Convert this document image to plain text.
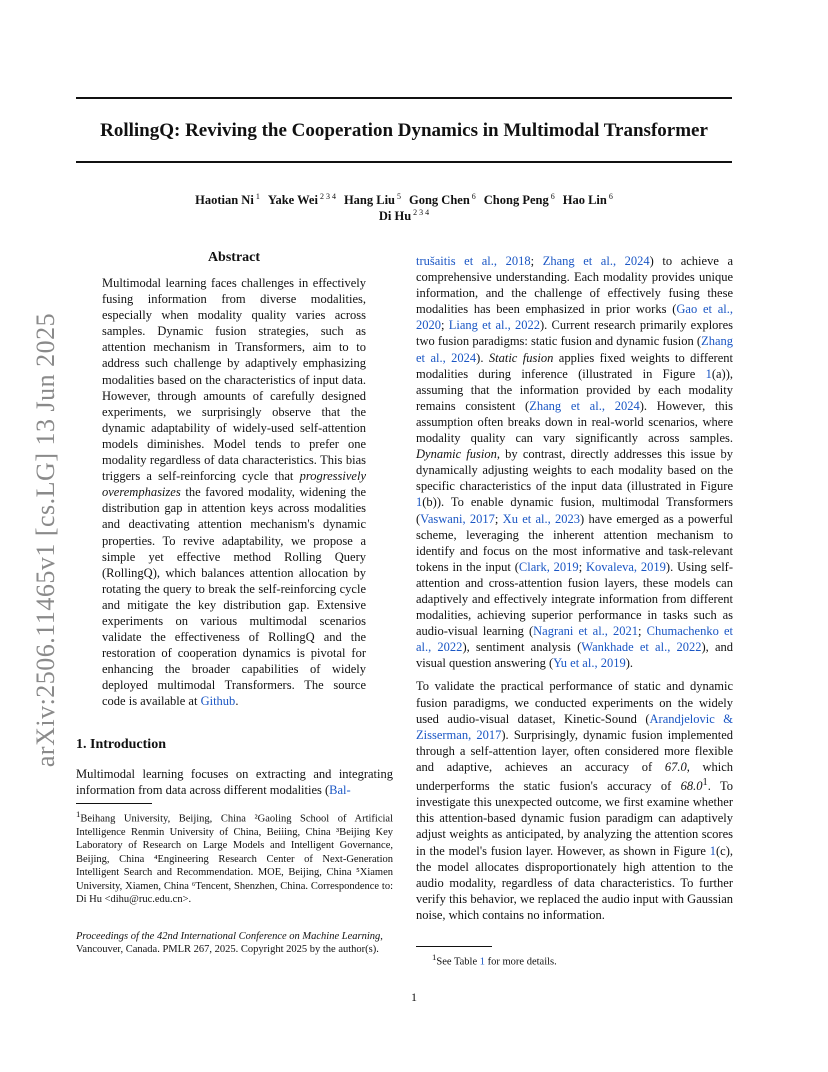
arXiv:2506.11465v1 [cs.LG] 13 Jun 2025
RollingQ: Reviving the Cooperation Dynamics in Multimodal Transformer
Haotian Ni $^1$ Yake Wei $^{2 3 4}$ Hang Liu $^5$ Gong Chen $^6$ Chong Peng $^6$ Hao Lin $^6$
Di Hu $^{2 3 4}$
Abstract

Multimodal learning faces challenges in effectively fusing information from diverse modalities, especially when modality quality varies across samples. Dynamic fusion strategies, such as attention mechanism in Transformers, aim to to address such challenge by adaptively emphasizing modalities based on the characteristics of input data. However, through amounts of carefully designed experiments, we surprisingly observe that the dynamic adaptability of widely-used self-attention models diminishes. Model tends to prefer one modality regardless of data characteristics. This bias triggers a self-reinforcing cycle that progressively overemphasizes the favored modality, widening the distribution gap in attention keys across modalities and deactivating attention mechanism's dynamic properties. To revive adaptability, we propose a simple yet effective method Rolling Query (RollingQ), which balances attention allocation by rotating the query to break the self-reinforcing cycle and mitigate the key distribution gap. Extensive experiments on various multimodal scenarios validate the effectiveness of RollingQ and the restoration of cooperation dynamics is pivotal for enhancing the broader capabilities of widely deployed multimodal Transformers. The source code is available at Github.

1. Introduction

Multimodal learning focuses on extracting and integrating information from data across different modalities (Bal-

$^1$Beihang University, Beijing, China ²Gaoling School of Artificial Intelligence Renmin University of China, Beiiing, China ³Beijing Key Laboratory of Research on Large Models and Intelligent Governance, Beijing, China ⁴Engineering Research Center of Next-Generation Intelligent Search and Recommendation. MOE, Beijing, China ⁵Xiamen University, Xiamen, China ⁶Tencent, Shenzhen, China. Correspondence to: Di Hu <dihu@ruc.edu.cn>.

Proceedings of the 42nd International Conference on Machine Learning, Vancouver, Canada. PMLR 267, 2025. Copyright 2025 by the author(s).

trušaitis et al., 2018; Zhang et al., 2024) to achieve a comprehensive understanding. Each modality provides unique information, and the challenge of effectively fusing these modalities has been emphasized in prior works (Gao et al., 2020; Liang et al., 2022). Current research primarily explores two fusion paradigms: static fusion and dynamic fusion (Zhang et al., 2024). Static fusion applies fixed weights to different modalities during inference (illustrated in Figure 1(a)), assuming that the information provided by each modality remains consistent (Zhang et al., 2024). However, this assumption often breaks down in real-world scenarios, where modality quality can vary significantly across samples. Dynamic fusion, by contrast, directly addresses this issue by dynamically adjusting weights to each modality based on the specific characteristics of the input data (illustrated in Figure 1(b)). To enable dynamic fusion, multimodal Transformers (Vaswani, 2017; Xu et al., 2023) have emerged as a powerful scheme, leveraging the inherent attention mechanism to identify and focus on the most informative and task-relevant tokens in the input (Clark, 2019; Kovaleva, 2019). Using self-attention and cross-attention fusion layers, these models can adaptively and effectively integrate information from different modalities, achieving superior performance in tasks such as audio-visual learning (Nagrani et al., 2021; Chumachenko et al., 2022), sentiment analysis (Wankhade et al., 2022), and visual question answering (Yu et al., 2019).

To validate the practical performance of static and dynamic fusion paradigms, we conducted experiments on the widely used audio-visual dataset, Kinetic-Sound (Arandjelovic & Zisserman, 2017). Surprisingly, dynamic fusion implemented through a self-attention layer, often considered more flexible and adaptive, achieves an accuracy of 67.0, which underperforms the static fusion's accuracy of 68.0$^1$. To investigate this unexpected outcome, we first examine whether this attention-based dynamic fusion paradigm can adaptively adjust weights as anticipated, by analyzing the attention scores in the model's fusion layer. However, as shown in Figure 1(c), the model allocates disproportionately high attention to the audio modality, regardless of data characteristics. To further verify this behavior, we replaced the audio input with Gaussian noise, which contains no information.

$^1$See Table 1 for more details.

1
